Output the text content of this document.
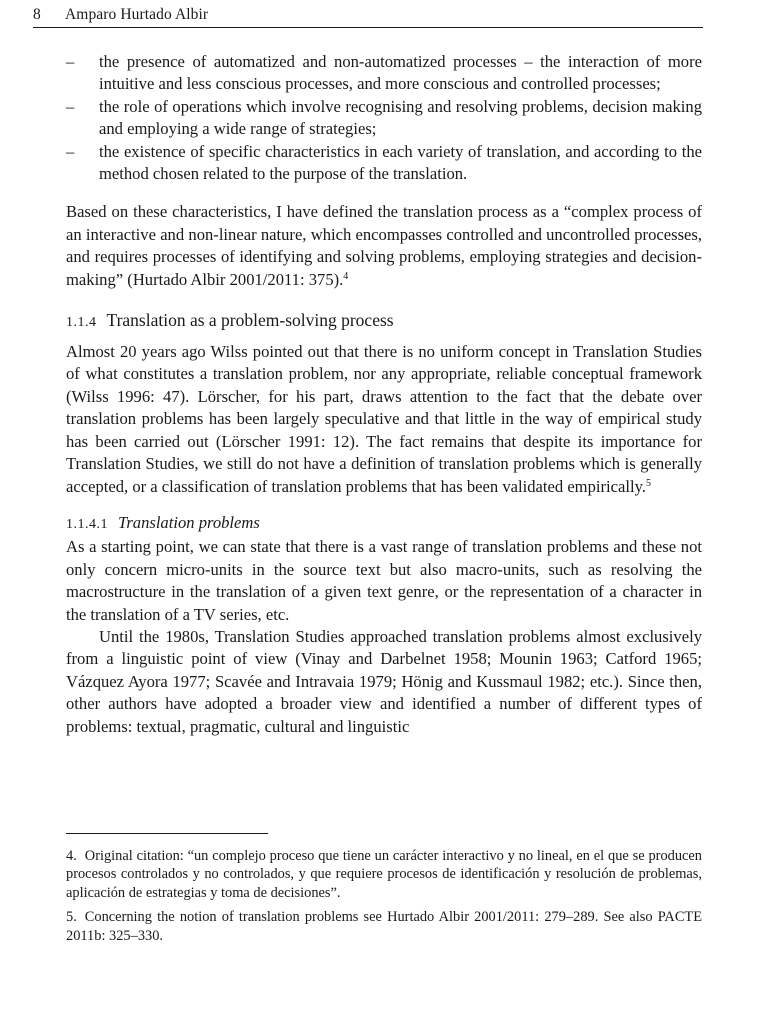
8 Amparo Hurtado Albir
– the presence of automatized and non-automatized processes – the interaction of more intuitive and less conscious processes, and more conscious and controlled processes;
– the role of operations which involve recognising and resolving problems, decision making and employing a wide range of strategies;
– the existence of specific characteristics in each variety of translation, and according to the method chosen related to the purpose of the translation.

Based on these characteristics, I have defined the translation process as a “complex process of an interactive and non-linear nature, which encompasses controlled and uncontrolled processes, and requires processes of identifying and solving problems, employing strategies and decision-making” (Hurtado Albir 2001/2011: 375).$^4$

1.1.4 Translation as a problem-solving process

Almost 20 years ago Wilss pointed out that there is no uniform concept in Translation Studies of what constitutes a translation problem, nor any appropriate, reliable conceptual framework (Wilss 1996: 47). Lörscher, for his part, draws attention to the fact that the debate over translation problems has been largely speculative and that little in the way of empirical study has been carried out (Lörscher 1991: 12). The fact remains that despite its importance for Translation Studies, we still do not have a definition of translation problems which is generally accepted, or a classification of translation problems that has been validated empirically.$^5$

1.1.4.1 Translation problems

As a starting point, we can state that there is a vast range of translation problems and these not only concern micro-units in the source text but also macro-units, such as resolving the macrostructure in the translation of a given text genre, or the representation of a character in the translation of a TV series, etc.

Until the 1980s, Translation Studies approached translation problems almost exclusively from a linguistic point of view (Vinay and Darbelnet 1958; Mounin 1963; Catford 1965; Vázquez Ayora 1977; Scavée and Intravaia 1979; Hönig and Kussmaul 1982; etc.). Since then, other authors have adopted a broader view and identified a number of different types of problems: textual, pragmatic, cultural and linguistic

4. Original citation: “un complejo proceso que tiene un carácter interactivo y no lineal, en el que se producen procesos controlados y no controlados, y que requiere procesos de identificación y resolución de problemas, aplicación de estrategias y toma de decisiones”.

5. Concerning the notion of translation problems see Hurtado Albir 2001/2011: 279–289. See also PACTE 2011b: 325–330.
